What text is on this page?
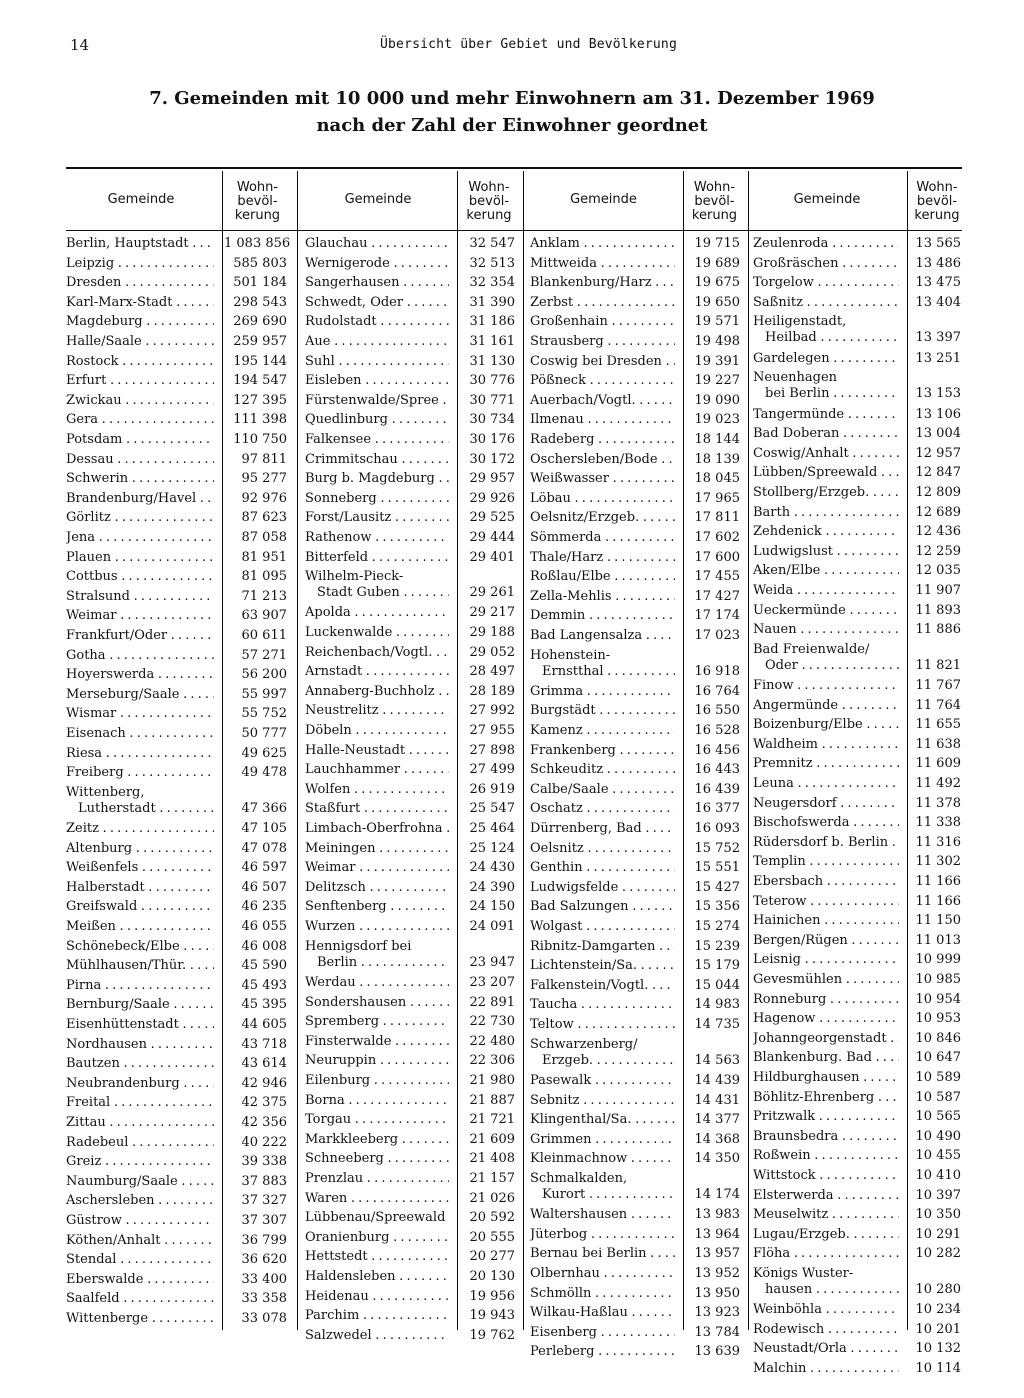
14	Übersicht über Gebiet und Bevölkerung
7. Gemeinden mit 10 000 und mehr Einwohnern am 31. Dezember 1969
nach der Zahl der Einwohner geordnet
Gemeinde
Wohn-
bevöl-
kerung
Berlin, Hauptstadt . . .	1 083 856
Leipzig . . .	585 803
Dresden . . .	501 184
Karl-Marx-Stadt . . .	298 543
Magdeburg . . .	269 690
Halle/Saale . . .	259 957
Rostock . . .	195 144
Erfurt . . .	194 547
Zwickau . . .	127 395
Gera . . .	111 398
Potsdam . . .	110 750
Dessau . . .	97 811
Schwerin . . .	95 277
Brandenburg/Havel . . .	92 976
Görlitz . . .	87 623
Jena . . .	87 058
Plauen . . .	81 951
Cottbus . . .	81 095
Stralsund . . .	71 213
Weimar . . .	63 907
Frankfurt/Oder . . .	60 611
Gotha . . .	57 271
Hoyerswerda . . .	56 200
Merseburg/Saale . . .	55 997
Wismar . . .	55 752
Eisenach . . .	50 777
Riesa . . .	49 625
Freiberg . . .	49 478
Wittenberg,
Lutherstadt . . .	47 366
Zeitz . . .	47 105
Altenburg . . .	47 078
Weißenfels . . .	46 597
Halberstadt . . .	46 507
Greifswald . . .	46 235
Meißen . . .	46 055
Schönebeck/Elbe . . .	46 008
Mühlhausen/Thür. . . .	45 590
Pirna . . .	45 493
Bernburg/Saale . . .	45 395
Eisenhüttenstadt . . .	44 605
Nordhausen . . .	43 718
Bautzen . . .	43 614
Neubrandenburg . . .	42 946
Freital . . .	42 375
Zittau . . .	42 356
Radebeul . . .	40 222
Greiz . . .	39 338
Naumburg/Saale . . .	37 883
Aschersleben . . .	37 327
Güstrow . . .	37 307
Köthen/Anhalt . . .	36 799
Stendal . . .	36 620
Eberswalde . . .	33 400
Saalfeld . . .	33 358
Wittenberge . . .	33 078
Gemeinde
Wohn-
bevöl-
kerung
Glauchau . . .	32 547
Wernigerode . . .	32 513
Sangerhausen . . .	32 354
Schwedt, Oder . . .	31 390
Rudolstadt . . .	31 186
Aue . . .	31 161
Suhl . . .	31 130
Eisleben . . .	30 776
Fürstenwalde/Spree . . .	30 771
Quedlinburg . . .	30 734
Falkensee . . .	30 176
Crimmitschau . . .	30 172
Burg b. Magdeburg . . .	29 957
Sonneberg . . .	29 926
Forst/Lausitz . . .	29 525
Rathenow . . .	29 444
Bitterfeld . . .	29 401
Wilhelm-Pieck-
Stadt Guben . . .	29 261
Apolda . . .	29 217
Luckenwalde . . .	29 188
Reichenbach/Vogtl. . . .	29 052
Arnstadt . . .	28 497
Annaberg-Buchholz . . .	28 189
Neustrelitz . . .	27 992
Döbeln . . .	27 955
Halle-Neustadt . . .	27 898
Lauchhammer . . .	27 499
Wolfen . . .	26 919
Staßfurt . . .	25 547
Limbach-Oberfrohna . . .	25 464
Meiningen . . .	25 124
Weimar . . .	24 430
Delitzsch . . .	24 390
Senftenberg . . .	24 150
Wurzen . . .	24 091
Hennigsdorf bei
Berlin . . .	23 947
Werdau . . .	23 207
Sondershausen . . .	22 891
Spremberg . . .	22 730
Finsterwalde . . .	22 480
Neuruppin . . .	22 306
Eilenburg . . .	21 980
Borna . . .	21 887
Torgau . . .	21 721
Markkleeberg . . .	21 609
Schneeberg . . .	21 408
Prenzlau . . .	21 157
Waren . . .	21 026
Lübbenau/Spreewald . . .	20 592
Oranienburg . . .	20 555
Hettstedt . . .	20 277
Haldensleben . . .	20 130
Heidenau . . .	19 956
Parchim . . .	19 943
Salzwedel . . .	19 762
Gemeinde
Wohn-
bevöl-
kerung
Anklam . . .	19 715
Mittweida . . .	19 689
Blankenburg/Harz . . .	19 675
Zerbst . . .	19 650
Großenhain . . .	19 571
Strausberg . . .	19 498
Coswig bei Dresden . . .	19 391
Pößneck . . .	19 227
Auerbach/Vogtl. . . .	19 090
Ilmenau . . .	19 023
Radeberg . . .	18 144
Oschersleben/Bode . . .	18 139
Weißwasser . . .	18 045
Löbau . . .	17 965
Oelsnitz/Erzgeb. . . .	17 811
Sömmerda . . .	17 602
Thale/Harz . . .	17 600
Roßlau/Elbe . . .	17 455
Zella-Mehlis . . .	17 427
Demmin . . .	17 174
Bad Langensalza . . .	17 023
Hohenstein-
Ernstthal . . .	16 918
Grimma . . .	16 764
Burgstädt . . .	16 550
Kamenz . . .	16 528
Frankenberg . . .	16 456
Schkeuditz . . .	16 443
Calbe/Saale . . .	16 439
Oschatz . . .	16 377
Dürrenberg, Bad . . .	16 093
Oelsnitz . . .	15 752
Genthin . . .	15 551
Ludwigsfelde . . .	15 427
Bad Salzungen . . .	15 356
Wolgast . . .	15 274
Ribnitz-Damgarten . . .	15 239
Lichtenstein/Sa. . . .	15 179
Falkenstein/Vogtl. . . .	15 044
Taucha . . .	14 983
Teltow . . .	14 735
Schwarzenberg/
Erzgeb. . . .	14 563
Pasewalk . . .	14 439
Sebnitz . . .	14 431
Klingenthal/Sa. . . .	14 377
Grimmen . . .	14 368
Kleinmachnow . . .	14 350
Schmalkalden,
Kurort . . .	14 174
Waltershausen . . .	13 983
Jüterbog . . .	13 964
Bernau bei Berlin . . .	13 957
Olbernhau . . .	13 952
Schmölln . . .	13 950
Wilkau-Haßlau . . .	13 923
Eisenberg . . .	13 784
Perleberg . . .	13 639
Gemeinde
Wohn-
bevöl-
kerung
Zeulenroda . . .	13 565
Großräschen . . .	13 486
Torgelow . . .	13 475
Saßnitz . . .	13 404
Heiligenstadt,
Heilbad . . .	13 397
Gardelegen . . .	13 251
Neuenhagen
bei Berlin . . .	13 153
Tangermünde . . .	13 106
Bad Doberan . . .	13 004
Coswig/Anhalt . . .	12 957
Lübben/Spreewald . . .	12 847
Stollberg/Erzgeb. . . .	12 809
Barth . . .	12 689
Zehdenick . . .	12 436
Ludwigslust . . .	12 259
Aken/Elbe . . .	12 035
Weida . . .	11 907
Ueckermünde . . .	11 893
Nauen . . .	11 886
Bad Freienwalde/
Oder . . .	11 821
Finow . . .	11 767
Angermünde . . .	11 764
Boizenburg/Elbe . . .	11 655
Waldheim . . .	11 638
Premnitz . . .	11 609
Leuna . . .	11 492
Neugersdorf . . .	11 378
Bischofswerda . . .	11 338
Rüdersdorf b. Berlin . . .	11 316
Templin . . .	11 302
Ebersbach . . .	11 166
Teterow . . .	11 166
Hainichen . . .	11 150
Bergen/Rügen . . .	11 013
Leisnig . . .	10 999
Gevesmühlen . . .	10 985
Ronneburg . . .	10 954
Hagenow . . .	10 953
Johanngeorgenstadt . . .	10 846
Blankenburg. Bad . . .	10 647
Hildburghausen . . .	10 589
Böhlitz-Ehrenberg . . .	10 587
Pritzwalk . . .	10 565
Braunsbedra . . .	10 490
Roßwein . . .	10 455
Wittstock . . .	10 410
Elsterwerda . . .	10 397
Meuselwitz . . .	10 350
Lugau/Erzgeb. . . .	10 291
Flöha . . .	10 282
Königs Wuster-
hausen . . .	10 280
Weinböhla . . .	10 234
Rodewisch . . .	10 201
Neustadt/Orla . . .	10 132
Malchin . . .	10 114
